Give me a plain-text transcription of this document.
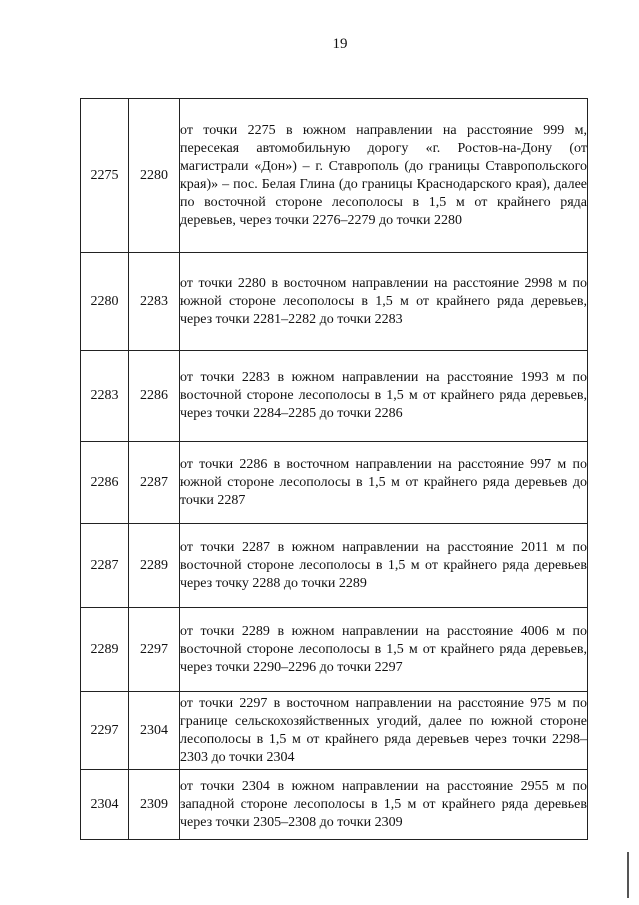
19
2275	2280	от точки 2275 в южном направлении на расстояние 999 м, пересекая автомобильную дорогу «г. Ростов-на-Дону (от магистрали «Дон») – г. Ставрополь (до границы Ставропольского края)» – пос. Белая Глина (до границы Краснодарского края), далее по восточной стороне лесополосы в 1,5 м от крайнего ряда деревьев, через точки 2276–2279 до точки 2280
2280	2283	от точки 2280 в восточном направлении на расстояние 2998 м по южной стороне лесополосы в 1,5 м от крайнего ряда деревьев, через точки 2281–2282 до точки 2283
2283	2286	от точки 2283 в южном направлении на расстояние 1993 м по восточной стороне лесополосы в 1,5 м от крайнего ряда деревьев, через точки 2284–2285 до точки 2286
2286	2287	от точки 2286 в восточном направлении на расстояние 997 м по южной стороне лесополосы в 1,5 м от крайнего ряда деревьев до точки 2287
2287	2289	от точки 2287 в южном направлении на расстояние 2011 м по восточной стороне лесополосы в 1,5 м от крайнего ряда деревьев через точку 2288 до точки 2289
2289	2297	от точки 2289 в южном направлении на расстояние 4006 м по восточной стороне лесополосы в 1,5 м от крайнего ряда деревьев, через точки 2290–2296 до точки 2297
2297	2304	от точки 2297 в восточном направлении на расстояние 975 м по границе сельскохозяйственных угодий, далее по южной стороне лесополосы в 1,5 м от крайнего ряда деревьев через точки 2298–2303 до точки 2304
2304	2309	от точки 2304 в южном направлении на расстояние 2955 м по западной стороне лесополосы в 1,5 м от крайнего ряда деревьев через точки 2305–2308 до точки 2309
